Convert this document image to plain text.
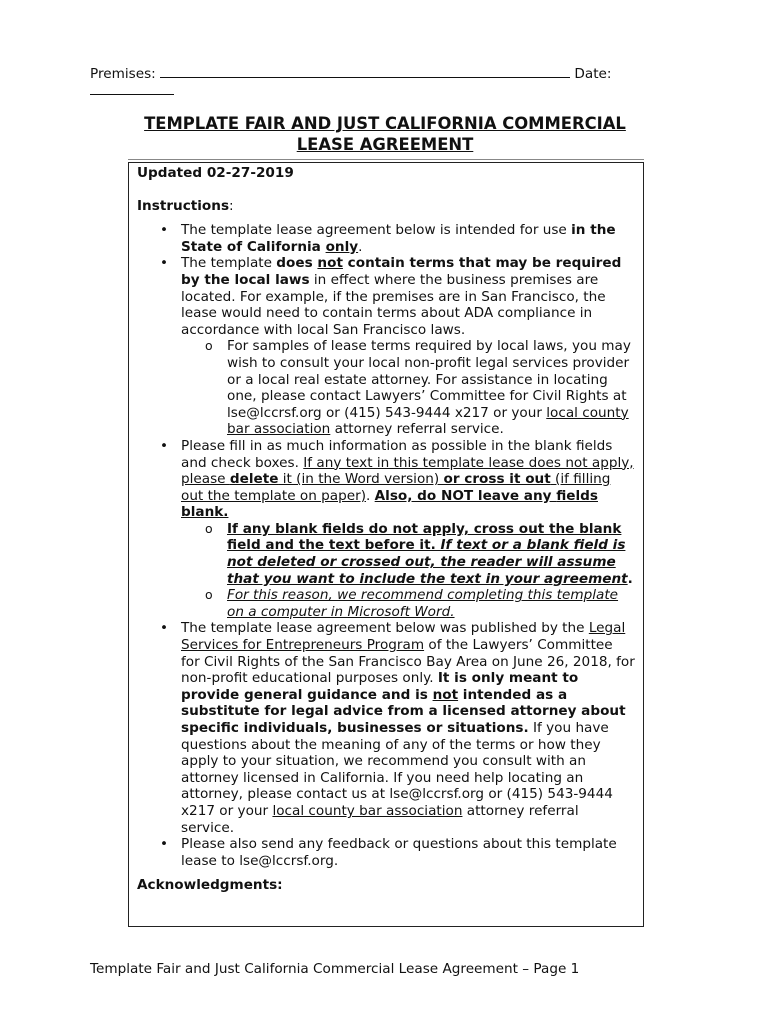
Premises:	Date:
TEMPLATE FAIR AND JUST CALIFORNIA COMMERCIAL
LEASE AGREEMENT

Updated 02-27-2019

Instructions:

• The template lease agreement below is intended for use in the State of California only.
• The template does not contain terms that may be required by the local laws in effect where the business premises are located. For example, if the premises are in San Francisco, the lease would need to contain terms about ADA compliance in accordance with local San Francisco laws.
o For samples of lease terms required by local laws, you may wish to consult your local non-profit legal services provider or a local real estate attorney. For assistance in locating one, please contact Lawyers’ Committee for Civil Rights at lse@lccrsf.org or (415) 543-9444 x217 or your local county bar association attorney referral service.
• Please fill in as much information as possible in the blank fields and check boxes. If any text in this template lease does not apply, please delete it (in the Word version) or cross it out (if filling out the template on paper). Also, do NOT leave any fields blank.
o If any blank fields do not apply, cross out the blank field and the text before it. If text or a blank field is not deleted or crossed out, the reader will assume that you want to include the text in your agreement.
o For this reason, we recommend completing this template on a computer in Microsoft Word.
• The template lease agreement below was published by the Legal Services for Entrepreneurs Program of the Lawyers’ Committee for Civil Rights of the San Francisco Bay Area on June 26, 2018, for non-profit educational purposes only. It is only meant to provide general guidance and is not intended as a substitute for legal advice from a licensed attorney about specific individuals, businesses or situations. If you have questions about the meaning of any of the terms or how they apply to your situation, we recommend you consult with an attorney licensed in California. If you need help locating an attorney, please contact us at lse@lccrsf.org or (415) 543-9444 x217 or your local county bar association attorney referral service.
• Please also send any feedback or questions about this template lease to lse@lccrsf.org.

Acknowledgments:

Template Fair and Just California Commercial Lease Agreement – Page 1
